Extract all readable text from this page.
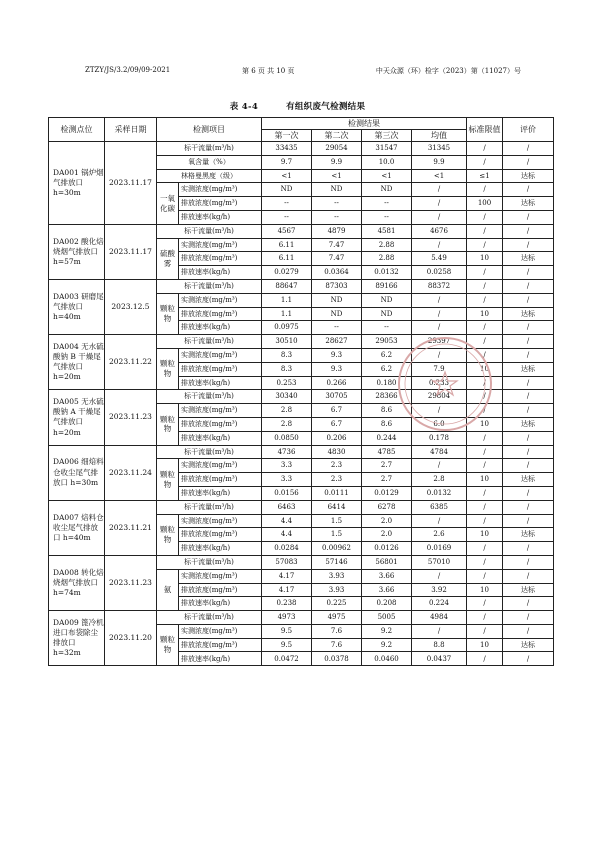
ZTZY/JS/3.2/09/09-2021	第 6 页 共 10 页	中天众源（环）检字（2023）第（11027）号
表 4-4	有组织废气检测结果
检测点位	采样日期	检测项目		检测结果				标准限值	评价
				第一次	第二次	第三次	均值		
DA001 锅炉烟气排放口 h=30m	2023.11.17	标干流量(m³/h)		33435	29054	31547	31345	/	/
		氧含量（%）		9.7	9.9	10.0	9.9	/	/
		林格曼黑度（级）		<1	<1	<1	<1	≤1	达标
		一氧化碳	实测浓度(mg/m³)	ND	ND	ND	/	/	/
			排放浓度(mg/m³)	--	--	--	/	100	达标
			排放速率(kg/h)	--	--	--	/	/	/
DA002 酸化焙烧烟气排放口 h=57m	2023.11.17	标干流量(m³/h)		4567	4879	4581	4676	/	/
		硫酸雾	实测浓度(mg/m³)	6.11	7.47	2.88	/	/	/
			排放浓度(mg/m³)	6.11	7.47	2.88	5.49	10	达标
			排放速率(kg/h)	0.0279	0.0364	0.0132	0.0258	/	/
DA003 研磨尾气排放口 h=40m	2023.12.5	标干流量(m³/h)		88647	87303	89166	88372	/	/
		颗粒物	实测浓度(mg/m³)	1.1	ND	ND	/	/	/
			排放浓度(mg/m³)	1.1	ND	ND	/	10	达标
			排放速率(kg/h)	0.0975	--	--	/	/	/
DA004 无水硫酸钠 B 干燥尾气排放口 h=20m	2023.11.22	标干流量(m³/h)		30510	28627	29053	29397	/	/
		颗粒物	实测浓度(mg/m³)	8.3	9.3	6.2	/	/	/
			排放浓度(mg/m³)	8.3	9.3	6.2	7.9	10	达标
			排放速率(kg/h)	0.253	0.266	0.180	0.233	/	/
DA005 无水硫酸钠 A 干燥尾气排放口 h=20m	2023.11.23	标干流量(m³/h)		30340	30705	28366	29804	/	/
		颗粒物	实测浓度(mg/m³)	2.8	6.7	8.6	/	/	/
			排放浓度(mg/m³)	2.8	6.7	8.6	6.0	10	达标
			排放速率(kg/h)	0.0850	0.206	0.244	0.178	/	/
DA006 细焙料仓收尘尾气排放口 h=30m	2023.11.24	标干流量(m³/h)		4736	4830	4785	4784	/	/
		颗粒物	实测浓度(mg/m³)	3.3	2.3	2.7	/	/	/
			排放浓度(mg/m³)	3.3	2.3	2.7	2.8	10	达标
			排放速率(kg/h)	0.0156	0.0111	0.0129	0.0132	/	/
DA007 焙料仓收尘尾气排放口 h=40m	2023.11.21	标干流量(m³/h)		6463	6414	6278	6385	/	/
		颗粒物	实测浓度(mg/m³)	4.4	1.5	2.0	/	/	/
			排放浓度(mg/m³)	4.4	1.5	2.0	2.6	10	达标
			排放速率(kg/h)	0.0284	0.00962	0.0126	0.0169	/	/
DA008 转化焙烧烟气排放口 h=74m	2023.11.23	标干流量(m³/h)		57083	57146	56801	57010	/	/
		氨	实测浓度(mg/m³)	4.17	3.93	3.66	/	/	/
			排放浓度(mg/m³)	4.17	3.93	3.66	3.92	10	达标
			排放速率(kg/h)	0.238	0.225	0.208	0.224	/	/
DA009 篦冷机进口布袋除尘排放口 h=32m	2023.11.20	标干流量(m³/h)		4973	4975	5005	4984	/	/
		颗粒物	实测浓度(mg/m³)	9.5	7.6	9.2	/	/	/
			排放浓度(mg/m³)	9.5	7.6	9.2	8.8	10	达标
			排放速率(kg/h)	0.0472	0.0378	0.0460	0.0437	/	/
